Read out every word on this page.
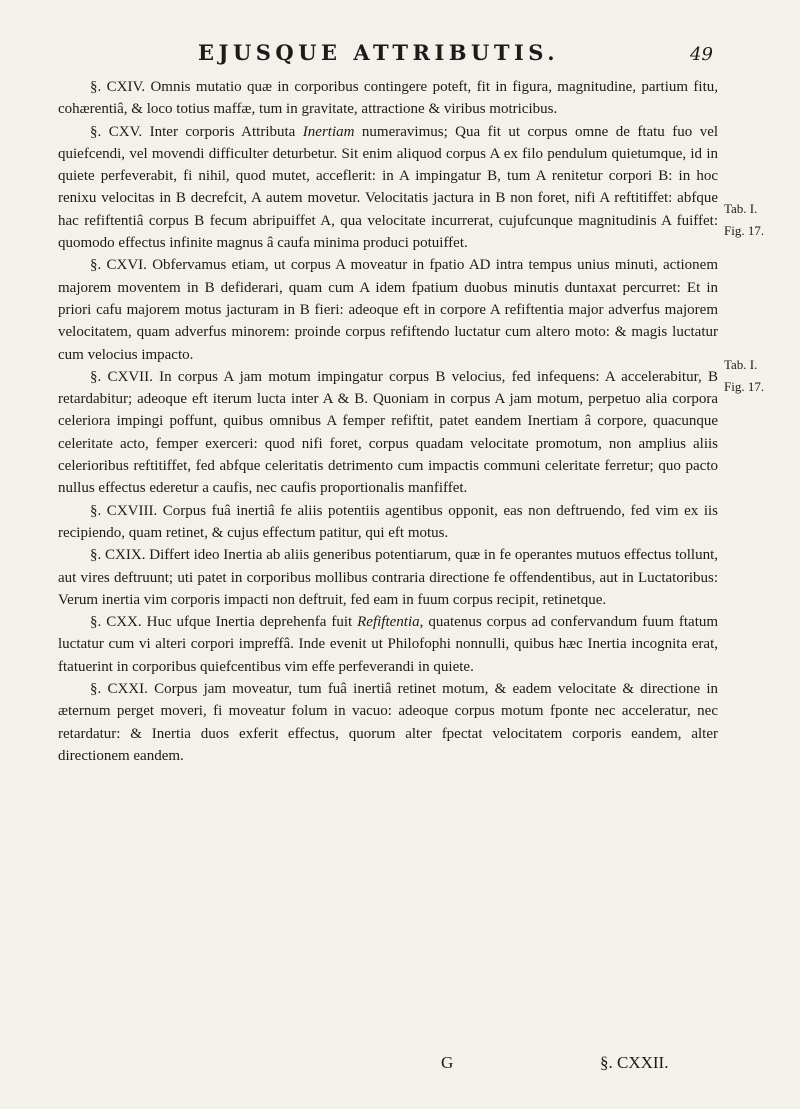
EJUSQUE ATTRIBUTIS.	49

§. CXIV. Omnis mutatio quæ in corporibus contingere poteft, fit in figura, magnitudine, partium fitu, cohærentiâ, & loco totius maffæ, tum in gravitate, attractione & viribus motricibus.

§. CXV. Inter corporis Attributa Inertiam numeravimus; Qua fit ut corpus omne de ftatu fuo vel quiefcendi, vel movendi difficulter deturbetur. Sit enim aliquod corpus A ex filo pendulum quietumque, id in quiete perfeverabit, fi nihil, quod mutet, acceflerit: in A impingatur B, tum A renitetur corpori B: in hoc renixu velocitas in B decrefcit, A autem movetur. Velocitatis jactura in B non foret, nifi A reftitiffet: abfque hac refiftentiâ corpus B fecum abripuiffet A, qua velocitate incurrerat, cujufcunque magnitudinis A fuiffet: quomodo effectus infinite magnus â caufa minima produci potuiffet.

§. CXVI. Obfervamus etiam, ut corpus A moveatur in fpatio AD intra tempus unius minuti, actionem majorem moventem in B defiderari, quam cum A idem fpatium duobus minutis duntaxat percurret: Et in priori cafu majorem motus jacturam in B fieri: adeoque eft in corpore A refiftentia major adverfus majorem velocitatem, quam adverfus minorem: proinde corpus refiftendo luctatur cum altero moto: & magis luctatur cum velocius impacto.

§. CXVII. In corpus A jam motum impingatur corpus B velocius, fed infequens: A accelerabitur, B retardabitur; adeoque eft iterum lucta inter A & B. Quoniam in corpus A jam motum, perpetuo alia corpora celeriora impingi poffunt, quibus omnibus A femper refiftit, patet eandem Inertiam â corpore, quacunque celeritate acto, femper exerceri: quod nifi foret, corpus quadam velocitate promotum, non amplius aliis celerioribus reftitiffet, fed abfque celeritatis detrimento cum impactis communi celeritate ferretur; quo pacto nullus effectus ederetur a caufis, nec caufis proportionalis manfiffet.

§. CXVIII. Corpus fuâ inertiâ fe aliis potentiis agentibus opponit, eas non deftruendo, fed vim ex iis recipiendo, quam retinet, & cujus effectum patitur, qui eft motus.

§. CXIX. Differt ideo Inertia ab aliis generibus potentiarum, quæ in fe operantes mutuos effectus tollunt, aut vires deftruunt; uti patet in corporibus mollibus contraria directione fe offendentibus, aut in Luctatoribus: Verum inertia vim corporis impacti non deftruit, fed eam in fuum corpus recipit, retinetque.

§. CXX. Huc ufque Inertia deprehenfa fuit Refiftentia, quatenus corpus ad confervandum fuum ftatum luctatur cum vi alteri corpori impreffâ. Inde evenit ut Philofophi nonnulli, quibus hæc Inertia incognita erat, ftatuerint in corporibus quiefcentibus vim effe perfeverandi in quiete.

§. CXXI. Corpus jam moveatur, tum fuâ inertiâ retinet motum, & eadem velocitate & directione in æternum perget moveri, fi moveatur folum in vacuo: adeoque corpus motum fponte nec acceleratur, nec retardatur: & Inertia duos exferit effectus, quorum alter fpectat velocitatem corporis eandem, alter directionem eandem.

Tab. I.
Fig. 17.
Tab. I.
Fig. 17.
G	§. CXXII.
